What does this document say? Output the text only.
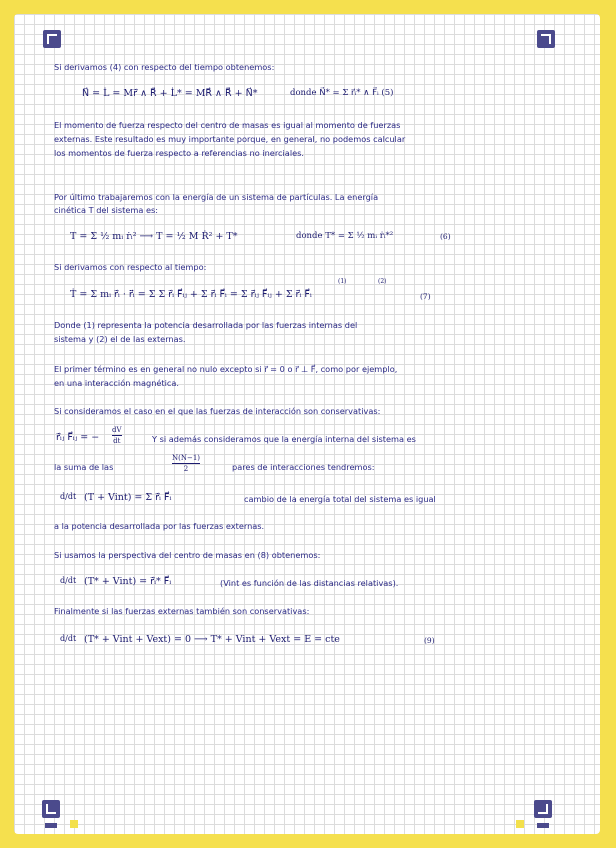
Si derivamos (4) con respecto del tiempo obtenemos:
N⃗ = L̇ = Mr⃗̇ ∧ R⃗̇ + L̇* = MR⃗ ∧ R⃗̈ + N⃗*	donde N⃗* = Σ r⃗ᵢ* ∧ F⃗ᵢ (5)
El momento de fuerza respecto del centro de masas es igual al momento de fuerzas
externas. Este resultado es muy importante porque, en general, no podemos calcular
los momentos de fuerza respecto a referencias no inerciales.
Por último trabajaremos con la energía de un sistema de partículas. La energía
cinética T del sistema es:
T = Σ ½ mᵢ ṙᵢ² ⟶ T = ½ M Ṙ² + T*	donde T* = Σ ½ mᵢ ṙᵢ*²	(6)
Si derivamos con respecto al tiempo:
Ṫ = Σ mᵢ r⃗̇ᵢ · r⃗̈ᵢ = Σ Σ r⃗̇ᵢ F⃗ᵢⱼ + Σ r⃗̇ᵢ F⃗ᵢ = Σ r⃗̇ᵢⱼ F⃗ᵢⱼ + Σ r⃗̇ᵢ F⃗ᵢ
(1)	(2)
(7)
Donde (1) representa la potencia desarrollada por las fuerzas internas del
sistema y (2) el de las externas.
El primer término es en general no nulo excepto si r⃗ = 0 o r⃗ ⊥ F⃗, como por ejemplo,
en una interacción magnética.
Si consideramos el caso en el que las fuerzas de interacción son conservativas:
r⃗̇ᵢⱼ F⃗ᵢⱼ = −
dV
dt	Y si además consideramos que la energía interna del sistema es
la suma de las
N(N−1)
2	pares de interacciones tendremos:
d/dt (T + Vint) = Σ r⃗̇ᵢ F⃗ᵢ	cambio de la energía total del sistema es igual
a la potencia desarrollada por las fuerzas externas.
Si usamos la perspectiva del centro de masas en (8) obtenemos:
d/dt (T* + Vint) = r⃗̇ᵢ* F⃗ᵢ	(Vint es función de las distancias relativas).
Finalmente si las fuerzas externas también son conservativas:
d/dt (T* + Vint + Vext) = 0 ⟶ T* + Vint + Vext = E = cte	(9)
